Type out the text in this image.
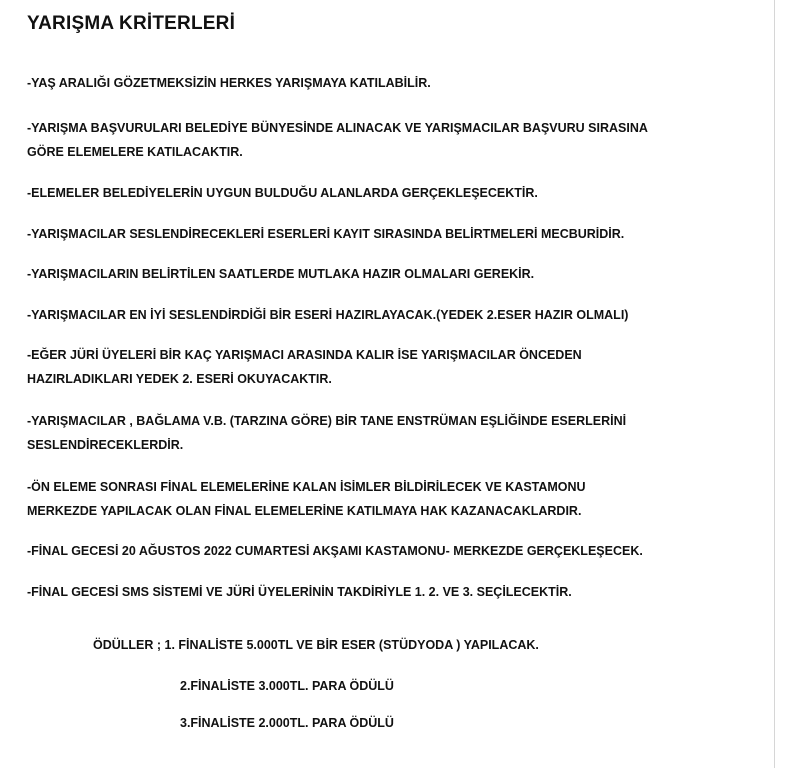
YARIŞMA KRİTERLERİ
-YAŞ ARALIĞI GÖZETMEKSİZİN HERKES YARIŞMAYA KATILABİLİR.
-YARIŞMA BAŞVURULARI BELEDİYE BÜNYESİNDE ALINACAK VE YARIŞMACILAR BAŞVURU SIRASINA
GÖRE ELEMELERE KATILACAKTIR.
-ELEMELER BELEDİYELERİN UYGUN BULDUĞU ALANLARDA GERÇEKLEŞECEKTİR.
-YARIŞMACILAR SESLENDİRECEKLERİ ESERLERİ KAYIT SIRASINDA BELİRTMELERİ MECBURİDİR.
-YARIŞMACILARIN BELİRTİLEN SAATLERDE MUTLAKA HAZIR OLMALARI GEREKİR.
-YARIŞMACILAR EN İYİ SESLENDİRDİĞİ BİR ESERİ HAZIRLAYACAK.(YEDEK 2.ESER HAZIR OLMALI)
-EĞER JÜRİ ÜYELERİ BİR KAÇ YARIŞMACI ARASINDA KALIR İSE YARIŞMACILAR ÖNCEDEN
HAZIRLADIKLARI YEDEK 2. ESERİ OKUYACAKTIR.
-YARIŞMACILAR , BAĞLAMA V.B. (TARZINA GÖRE) BİR TANE ENSTRÜMAN EŞLİĞİNDE ESERLERİNİ
SESLENDİRECEKLERDİR.
-ÖN ELEME SONRASI FİNAL ELEMELERİNE KALAN İSİMLER BİLDİRİLECEK VE KASTAMONU
MERKEZDE YAPILACAK OLAN FİNAL ELEMELERİNE KATILMAYA HAK KAZANACAKLARDIR.
-FİNAL GECESİ 20 AĞUSTOS 2022 CUMARTESİ AKŞAMI KASTAMONU- MERKEZDE GERÇEKLEŞECEK.
-FİNAL GECESİ SMS SİSTEMİ VE JÜRİ ÜYELERİNİN TAKDİRİYLE 1. 2. VE 3. SEÇİLECEKTİR.
ÖDÜLLER ; 1. FİNALİSTE 5.000TL VE BİR ESER (STÜDYODA ) YAPILACAK.
2.FİNALİSTE 3.000TL. PARA ÖDÜLÜ
3.FİNALİSTE 2.000TL. PARA ÖDÜLÜ
